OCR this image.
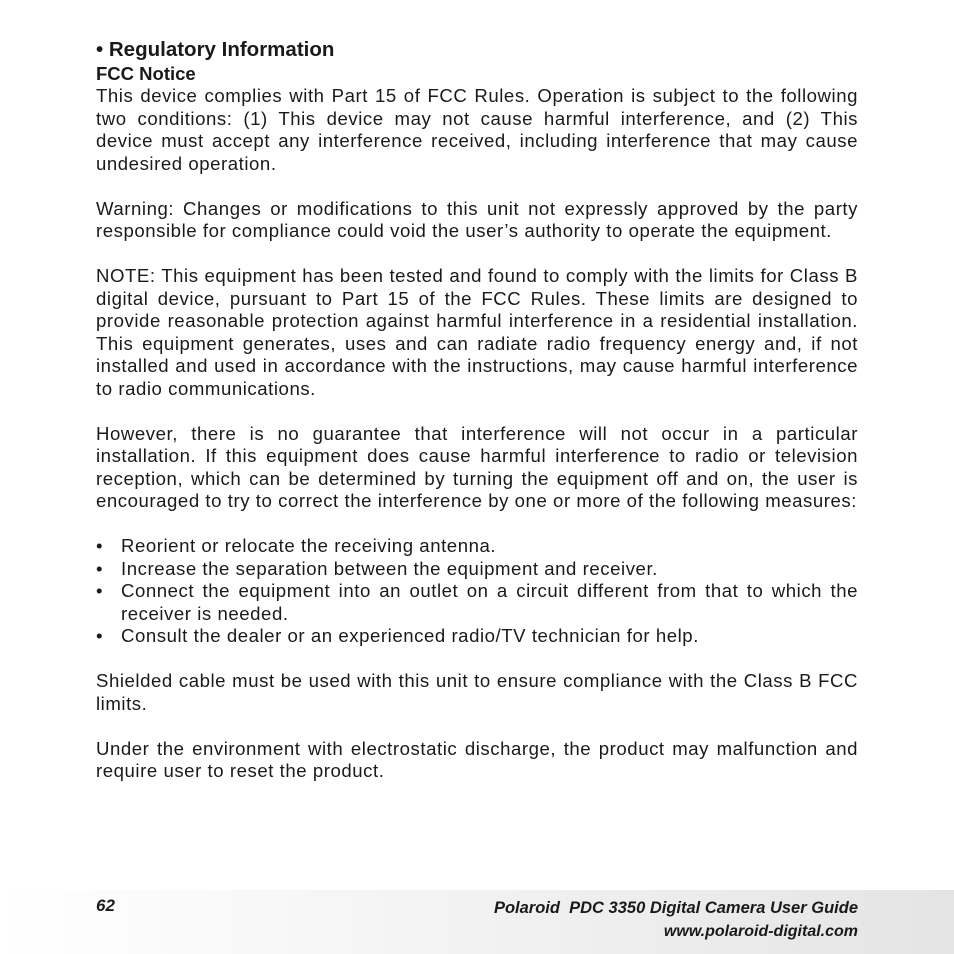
• Regulatory Information
FCC Notice

This device complies with Part 15 of FCC Rules. Operation is subject to the following two conditions: (1) This device may not cause harmful interference, and (2) This device must accept any interference received, including interference that may cause undesired operation.

Warning: Changes or modifications to this unit not expressly approved by the party responsible for compliance could void the user’s authority to operate the equipment.

NOTE: This equipment has been tested and found to comply with the limits for Class B digital device, pursuant to Part 15 of the FCC Rules. These limits are designed to provide reasonable protection against harmful interference in a residential installation. This equipment generates, uses and can radiate radio frequency energy and, if not installed and used in accordance with the instructions, may cause harmful interference to radio communications.

However, there is no guarantee that interference will not occur in a particular installation. If this equipment does cause harmful interference to radio or television reception, which can be determined by turning the equipment off and on, the user is encouraged to try to correct the interference by one or more of the following measures:

• Reorient or relocate the receiving antenna.
• Increase the separation between the equipment and receiver.
• Connect the equipment into an outlet on a circuit different from that to which the receiver is needed.
• Consult the dealer or an experienced radio/TV technician for help.

Shielded cable must be used with this unit to ensure compliance with the Class B FCC limits.

Under the environment with electrostatic discharge, the product may malfunction and require user to reset the product.

62	Polaroid  PDC 3350 Digital Camera User Guide
www.polaroid-digital.com
